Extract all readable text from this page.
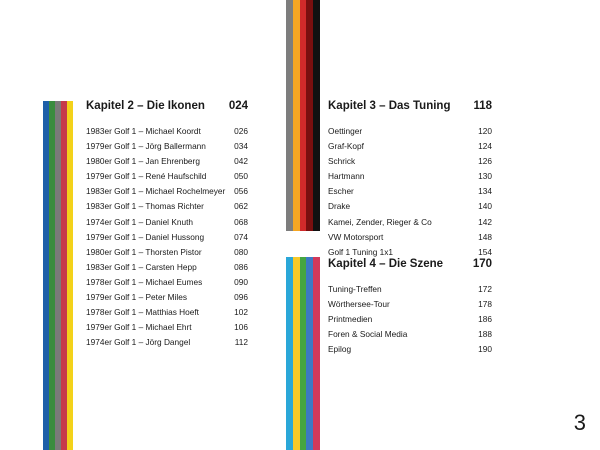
Kapitel 2 – Die Ikonen 024
1983er Golf 1 – Michael Koordt	026
1979er Golf 1 – Jörg Ballermann	034
1980er Golf 1 – Jan Ehrenberg	042
1979er Golf 1 – René Haufschild	050
1983er Golf 1 – Michael Rochelmeyer 056
1983er Golf 1 – Thomas Richter	062
1974er Golf 1 – Daniel Knuth	068
1979er Golf 1 – Daniel Hussong	074
1980er Golf 1 – Thorsten Pistor	080
1983er Golf 1 – Carsten Hepp	086
1978er Golf 1 – Michael Eumes	090
1979er Golf 1 – Peter Miles	096
1978er Golf 1 – Matthias Hoeft	102
1979er Golf 1 – Michael Ehrt	106
1974er Golf 1 – Jörg Dangel	112
Kapitel 3 – Das Tuning 118
Oettinger	120
Graf-Kopf	124
Schrick	126
Hartmann	130
Escher	134
Drake	140
Kamei, Zender, Rieger & Co	142
VW Motorsport	148
Golf 1 Tuning 1x1	154
Kapitel 4 – Die Szene	170
Tuning-Treffen	172
Wörthersee-Tour	178
Printmedien	186
Foren & Social Media	188
Epilog	190
3
